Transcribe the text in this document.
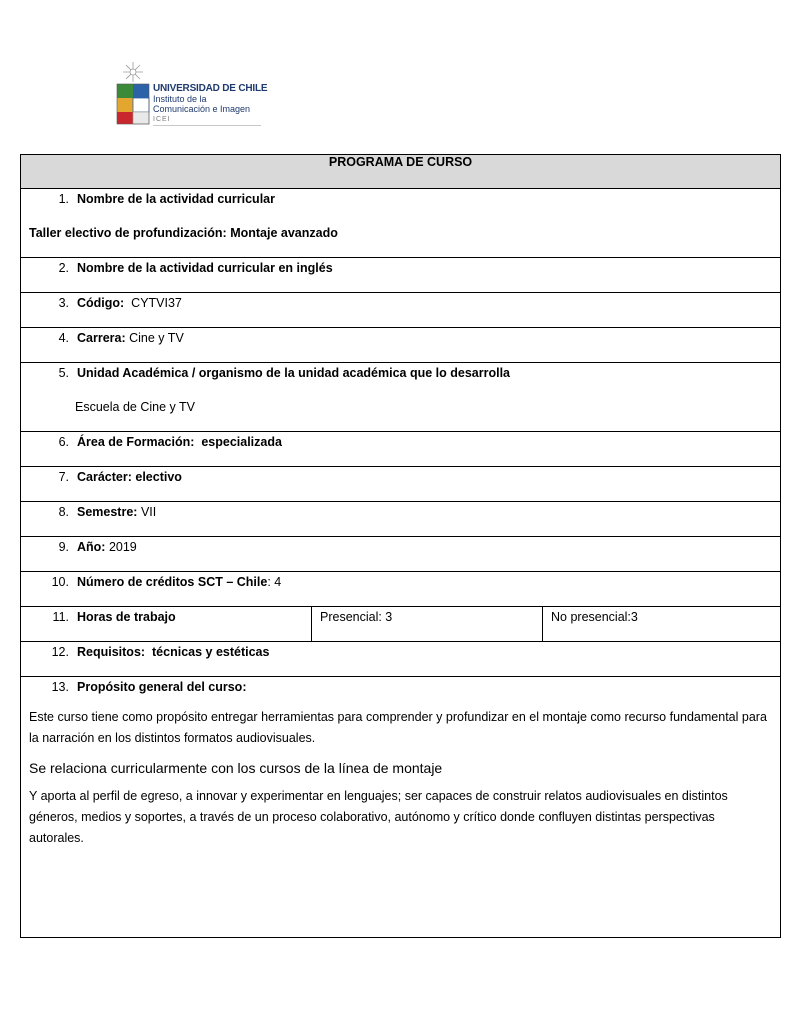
UNIVERSIDAD DE CHILE
Instituto de la
Comunicación e Imagen
ICEI
PROGRAMA DE CURSO

1. Nombre de la actividad curricular
Taller electivo de profundización: Montaje avanzado

2. Nombre de la actividad curricular en inglés

3. Código: CYTVI37

4. Carrera: Cine y TV

5. Unidad Académica / organismo de la unidad académica que lo desarrolla
Escuela de Cine y TV

6. Área de Formación: especializada

7. Carácter: electivo

8. Semestre: VII

9. Año: 2019

10. Número de créditos SCT – Chile: 4

11. Horas de trabajo	Presencial: 3	No presencial:3

12. Requisitos: técnicas y estéticas

13. Propósito general del curso:
Este curso tiene como propósito entregar herramientas para comprender y profundizar en el montaje como recurso fundamental para la narración en los distintos formatos audiovisuales.
Se relaciona curricularmente con los cursos de la línea de montaje
Y aporta al perfil de egreso, a innovar y experimentar en lenguajes; ser capaces de construir relatos audiovisuales en distintos géneros, medios y soportes, a través de un proceso colaborativo, autónomo y crítico donde confluyen distintas perspectivas autorales.
